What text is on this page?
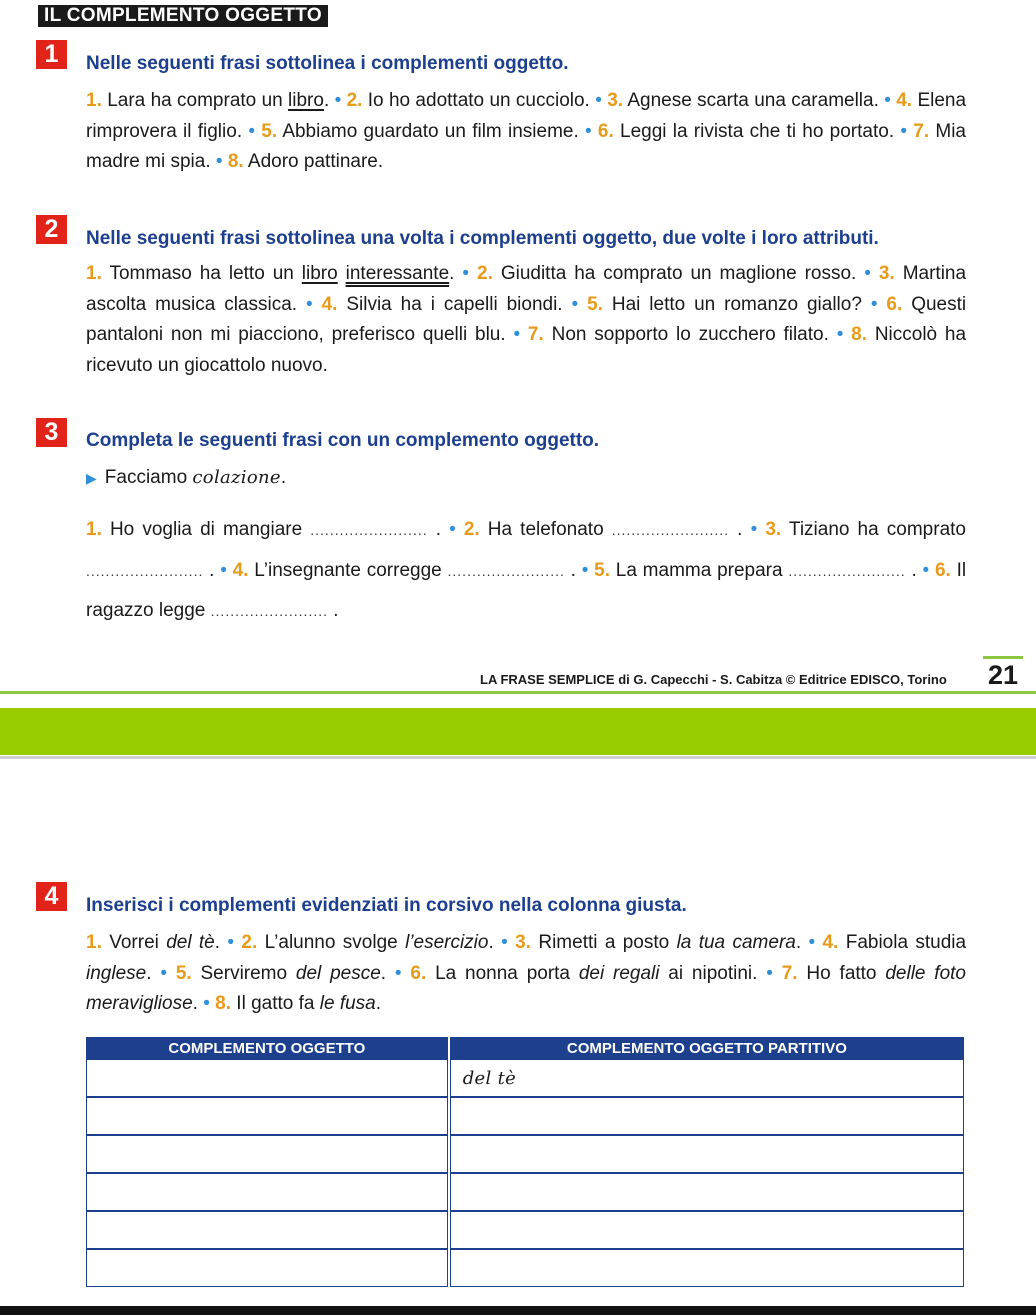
IL COMPLEMENTO OGGETTO
1	Nelle seguenti frasi sottolinea i complementi oggetto.
1. Lara ha comprato un libro. • 2. Io ho adottato un cucciolo. • 3. Agnese scarta una caramella. • 4. Elena rimprovera il figlio. • 5. Abbiamo guardato un film insieme. • 6. Leggi la rivista che ti ho portato. • 7. Mia madre mi spia. • 8. Adoro pattinare.
2	Nelle seguenti frasi sottolinea una volta i complementi oggetto, due volte i loro attributi.
1. Tommaso ha letto un libro interessante. • 2. Giuditta ha comprato un maglione rosso. • 3. Martina ascolta musica classica. • 4. Silvia ha i capelli biondi. • 5. Hai letto un romanzo giallo? • 6. Questi pantaloni non mi piacciono, preferisco quelli blu. • 7. Non sopporto lo zucchero filato. • 8. Niccolò ha ricevuto un giocattolo nuovo.
3	Completa le seguenti frasi con un complemento oggetto.
▶ Facciamo colazione.
1. Ho voglia di mangiare ........................ . • 2. Ha telefonato ........................ . • 3. Tiziano ha comprato ........................ . • 4. L’insegnante corregge ........................ . • 5. La mamma prepara ........................ . • 6. Il ragazzo legge ........................ .
LA FRASE SEMPLICE di G. Capecchi - S. Cabitza © Editrice EDISCO, Torino 21
4	Inserisci i complementi evidenziati in corsivo nella colonna giusta.
1. Vorrei del tè. • 2. L’alunno svolge l’esercizio. • 3. Rimetti a posto la tua camera. • 4. Fabiola studia inglese. • 5. Serviremo del pesce. • 6. La nonna porta dei regali ai nipotini. • 7. Ho fatto delle foto meravigliose. • 8. Il gatto fa le fusa.
COMPLEMENTO OGGETTO	COMPLEMENTO OGGETTO PARTITIVO
	del tè
